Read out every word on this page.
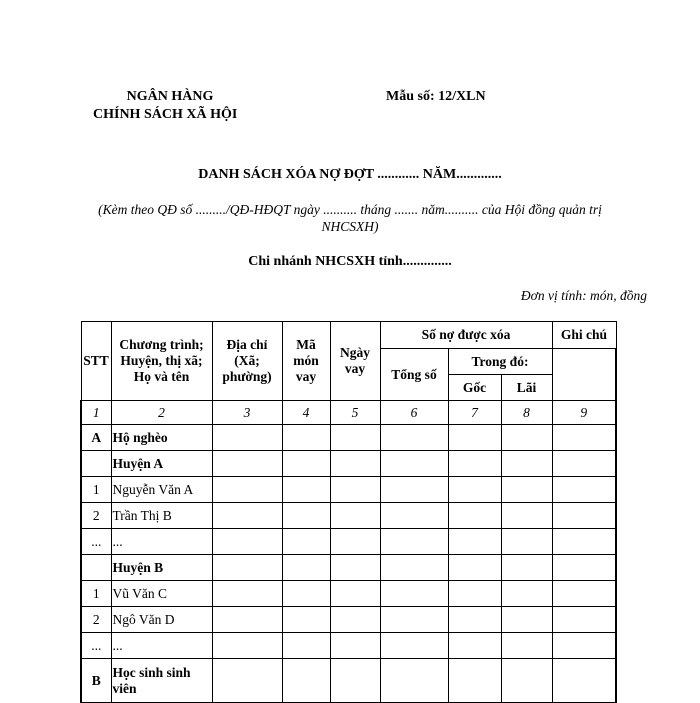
NGÂN HÀNG
CHÍNH SÁCH XÃ HỘI
Mẫu số: 12/XLN
DANH SÁCH XÓA NỢ ĐỢT ............ NĂM.............
(Kèm theo QĐ số ........./QĐ-HĐQT ngày .......... tháng ....... năm.......... của Hội đồng quản trị NHCSXH)
Chi nhánh NHCSXH tỉnh..............
Đơn vị tính: món, đồng
STT	Chương trình; Huyện, thị xã; Họ và tên	Địa chỉ (Xã; phường)	Mã món vay	Ngày vay	Số nợ được xóa			Ghi chú
					Tổng số	Trong đó:		
						Gốc	Lãi	
1	2	3	4	5	6	7	8	9
A	Hộ nghèo							
	Huyện A							
1	Nguyễn Văn A							
2	Trần Thị B							
...	...							
	Huyện B							
1	Vũ Văn C							
2	Ngô Văn D							
...	...							
B	Học sinh sinh viên							
